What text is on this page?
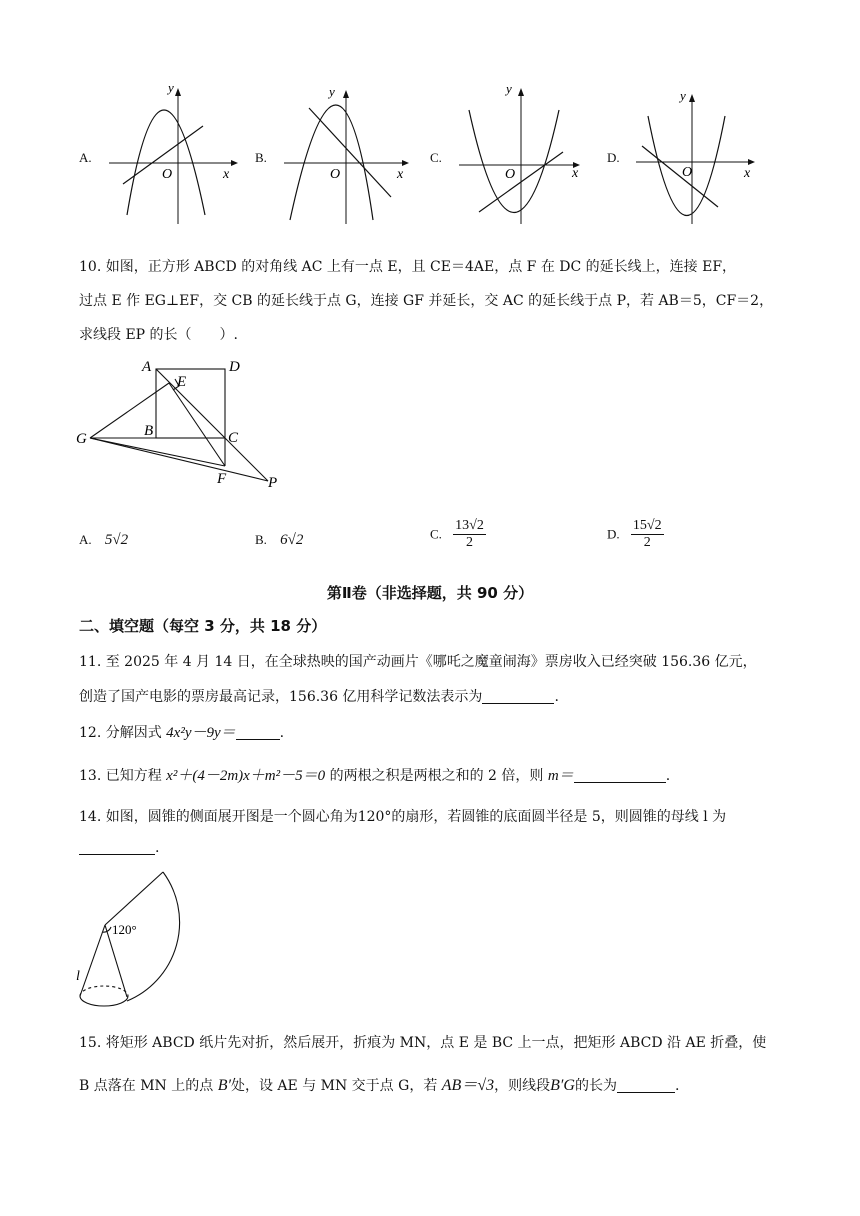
A.
y
x
O
B.
y
x
O
C.
y
x
O
D.
y
x
O
10. 如图，正方形 ABCD 的对角线 AC 上有一点 E，且 CE＝4AE，点 F 在 DC 的延长线上，连接 EF，
过点 E 作 EG⊥EF，交 CB 的延长线于点 G，连接 GF 并延长，交 AC 的延长线于点 P，若 AB＝5，CF＝2，
求线段 EP 的长（　　）.
A	D
E
B	C
G
F	P
A. 5√2	B. 6√2	C. $\frac{13√2}{2}$	D. $\frac{15√2}{2}$
第Ⅱ卷（非选择题，共 90 分）
二、填空题（每空 3 分，共 18 分）
11. 至 2025 年 4 月 14 日，在全球热映的国产动画片《哪吒之魔童闹海》票房收入已经突破 156.36 亿元，
创造了国产电影的票房最高记录，156.36 亿用科学记数法表示为	.
12. 分解因式 4x²y－9y＝	.
13. 已知方程 x²＋(4－2m)x＋m²－5＝0 的两根之积是两根之和的 2 倍，则 m＝	.
14. 如图，圆锥的侧面展开图是一个圆心角为120°的扇形，若圆锥的底面圆半径是 5，则圆锥的母线 l 为
.
120°
l
15. 将矩形 ABCD 纸片先对折，然后展开，折痕为 MN，点 E 是 BC 上一点，把矩形 ABCD 沿 AE 折叠，使
B 点落在 MN 上的点 B′处，设 AE 与 MN 交于点 G，若 AB＝√3，则线段B′G的长为	.
